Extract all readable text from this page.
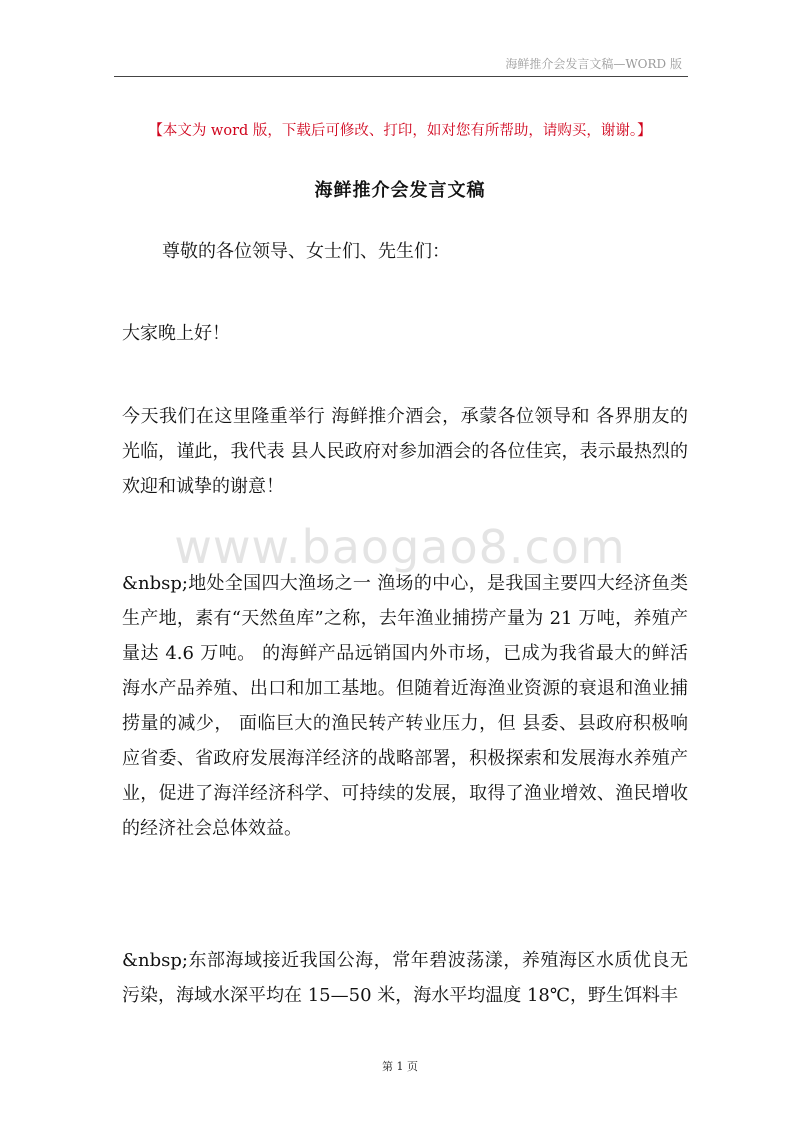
海鲜推介会发言文稿—WORD 版
【本文为 word 版，下载后可修改、打印，如对您有所帮助，请购买，谢谢。】
海鲜推介会发言文稿

尊敬的各位领导、女士们、先生们：

大家晚上好！

今天我们在这里隆重举行 海鲜推介酒会，承蒙各位领导和 各界朋友的光临，谨此，我代表 县人民政府对参加酒会的各位佳宾，表示最热烈的欢迎和诚挚的谢意！

&nbsp;地处全国四大渔场之一 渔场的中心，是我国主要四大经济鱼类生产地，素有“天然鱼库”之称，去年渔业捕捞产量为 21 万吨，养殖产量达 4.6 万吨。 的海鲜产品远销国内外市场，已成为我省最大的鲜活海水产品养殖、出口和加工基地。但随着近海渔业资源的衰退和渔业捕捞量的减少， 面临巨大的渔民转产转业压力，但 县委、县政府积极响应省委、省政府发展海洋经济的战略部署，积极探索和发展海水养殖产业，促进了海洋经济科学、可持续的发展，取得了渔业增效、渔民增收的经济社会总体效益。

&nbsp;东部海域接近我国公海，常年碧波荡漾，养殖海区水质优良无污染，海域水深平均在 15—50 米，海水平均温度 18℃，野生饵料丰

www.baogao8.com
第 1 页
